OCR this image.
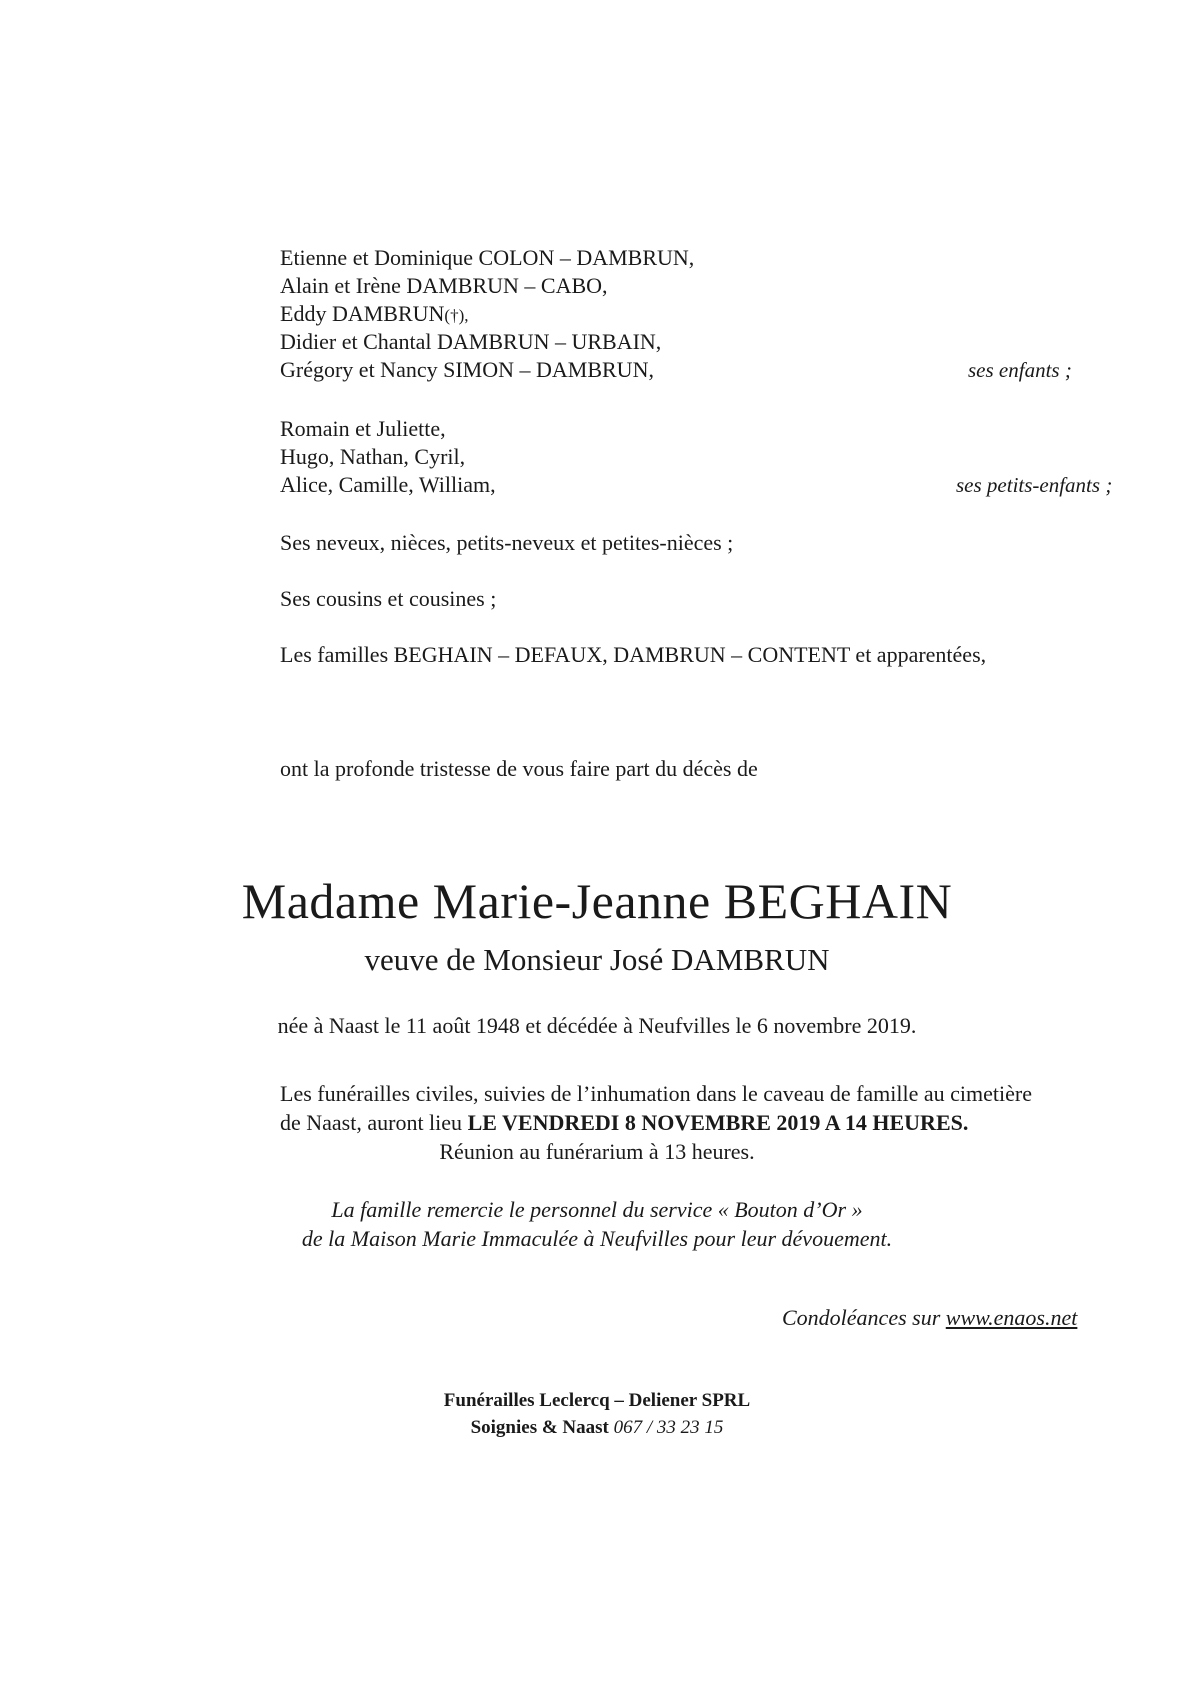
Etienne et Dominique COLON – DAMBRUN,
Alain et Irène DAMBRUN – CABO,
Eddy DAMBRUN(†),
Didier et Chantal DAMBRUN – URBAIN,
Grégory et Nancy SIMON – DAMBRUN,	ses enfants ;
Romain et Juliette,
Hugo, Nathan, Cyril,
Alice, Camille, William,	ses petits-enfants ;
Ses neveux, nièces, petits-neveux et petites-nièces ;
Ses cousins et cousines ;
Les familles BEGHAIN – DEFAUX, DAMBRUN – CONTENT et apparentées,
ont la profonde tristesse de vous faire part du décès de
Madame Marie-Jeanne BEGHAIN
veuve de Monsieur José DAMBRUN
née à Naast le 11 août 1948 et décédée à Neufvilles le 6 novembre 2019.
Les funérailles civiles, suivies de l’inhumation dans le caveau de famille au cimetière
de Naast, auront lieu LE VENDREDI 8 NOVEMBRE 2019 A 14 HEURES.
Réunion au funérarium à 13 heures.
La famille remercie le personnel du service « Bouton d’Or »
de la Maison Marie Immaculée à Neufvilles pour leur dévouement.
Condoléances sur www.enaos.net
Funérailles Leclercq – Deliener SPRL
Soignies & Naast 067 / 33 23 15
